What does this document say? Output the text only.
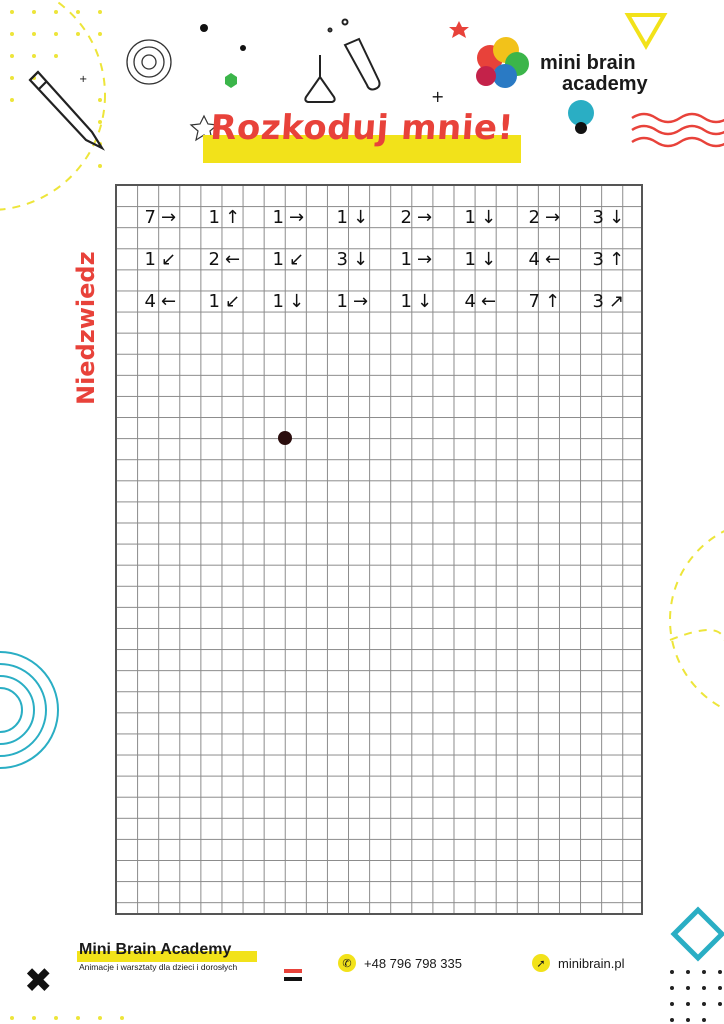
+
+
Rozkoduj mnie!
mini brain
academy
Niedzwiedz
7 →	1 ↑	1 →	1 ↓	2 →	1 ↓	2 →	3 ↓
1 ↙	2 ←	1 ↙	3 ↓	1 →	1 ↓	4 ←	3 ↑
4 ←	1 ↙	1 ↓	1 →	1 ↓	4 ←	7 ↑	3 ↗
Mini Brain Academy
Animacje i warsztaty dla dzieci i dorosłych	✆ +48 796 798 335	➚ minibrain.pl
✖
